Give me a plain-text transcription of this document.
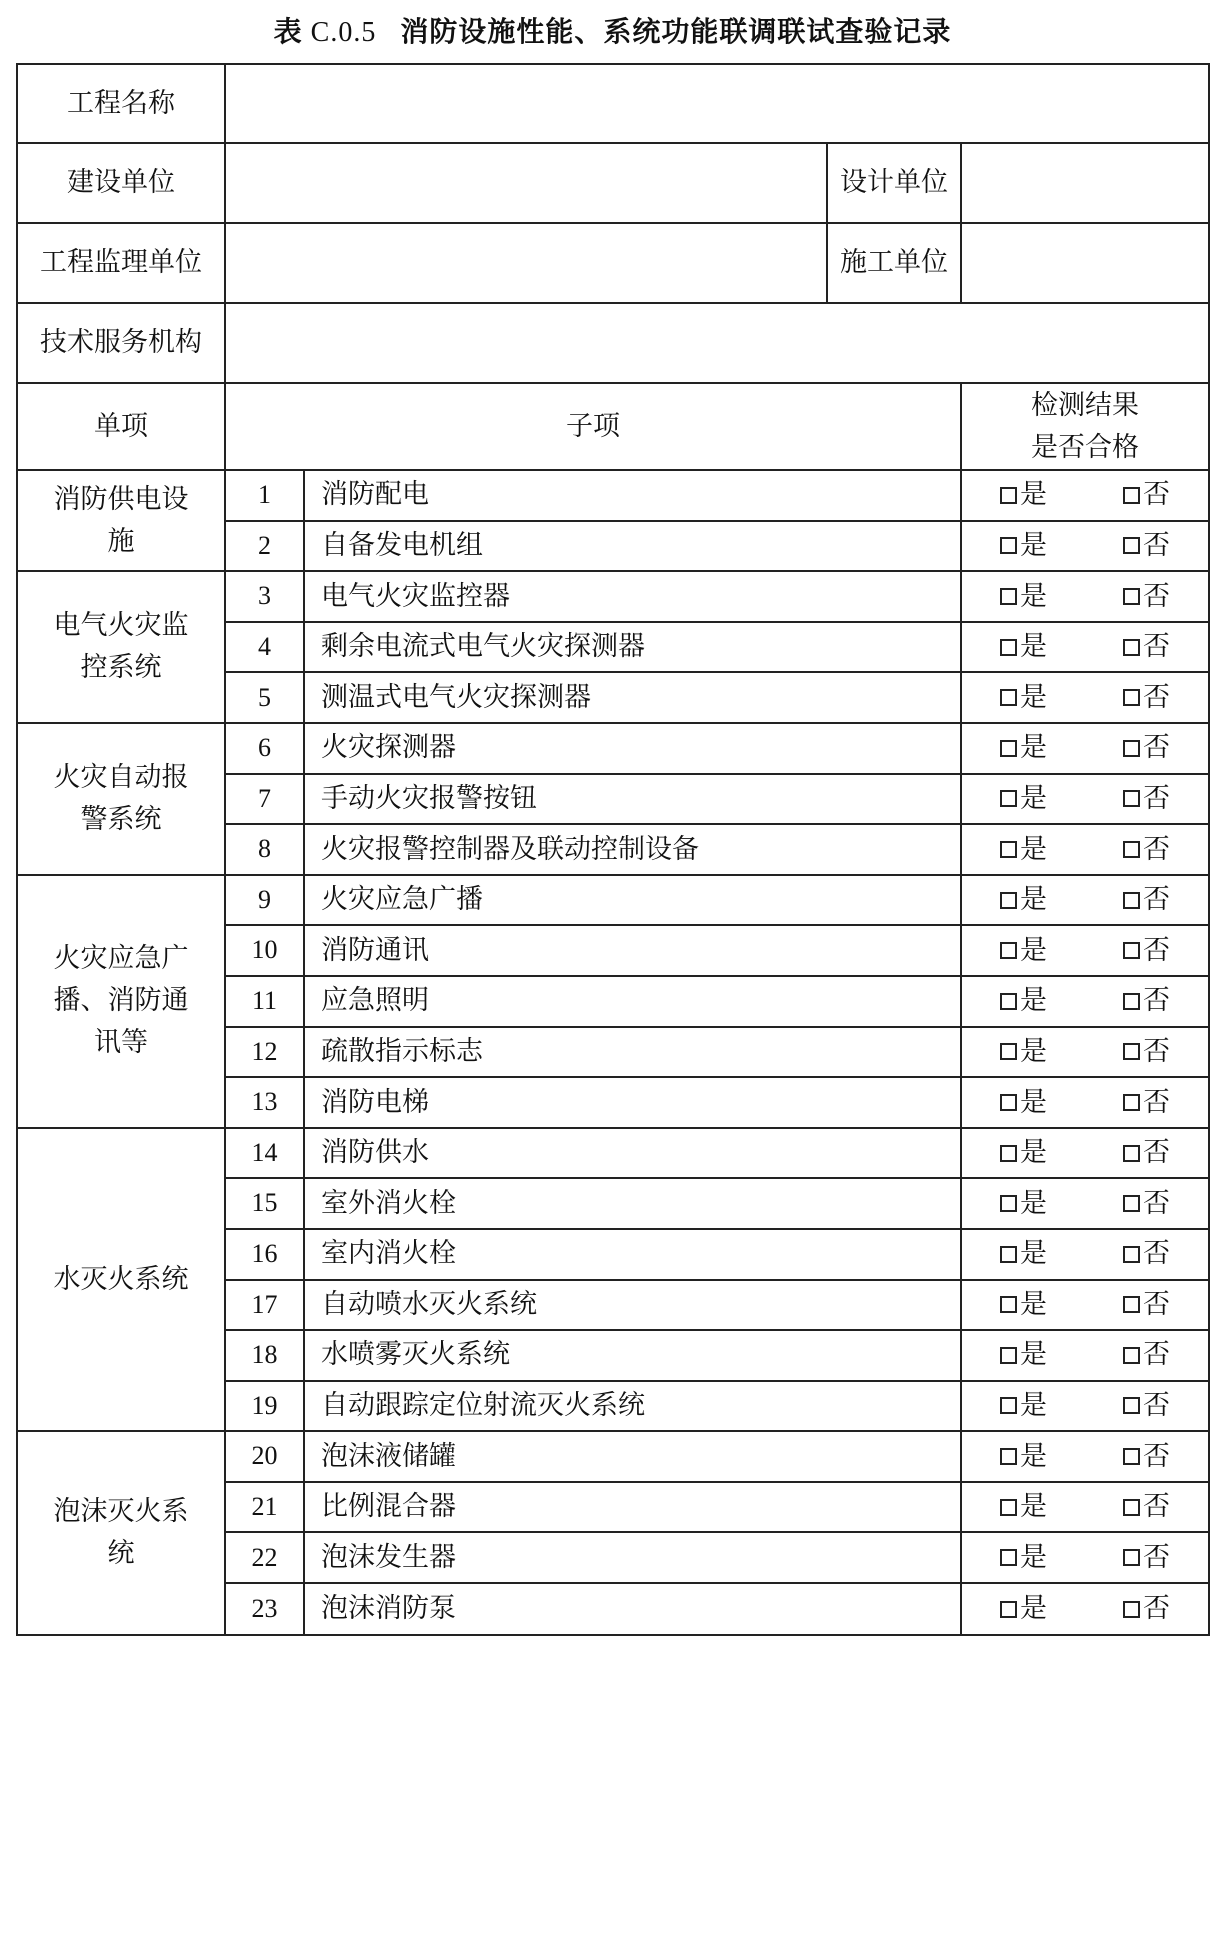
表 C.0.5 消防设施性能、系统功能联调联试查验记录
工程名称				
建设单位			设计单位	
工程监理单位			施工单位	
技术服务机构				
单项	子项			检测结果
是否合格

消防供电设施	1	消防配电		是 否

	2	自备发电机组		是 否

电气火灾监控系统	3	电气火灾监控器		是 否

	4	剩余电流式电气火灾探测器		是 否

	5	测温式电气火灾探测器		是 否

火灾自动报警系统	6	火灾探测器		是 否

	7	手动火灾报警按钮		是 否

	8	火灾报警控制器及联动控制设备		是 否

火灾应急广播、消防通讯等	9	火灾应急广播		是 否

	10	消防通讯		是 否

	11	应急照明		是 否

	12	疏散指示标志		是 否

	13	消防电梯		是 否

水灭火系统	14	消防供水		是 否

	15	室外消火栓		是 否

	16	室内消火栓		是 否

	17	自动喷水灭火系统		是 否

	18	水喷雾灭火系统		是 否

	19	自动跟踪定位射流灭火系统		是 否

泡沫灭火系统	20	泡沫液储罐		是 否

	21	比例混合器		是 否

	22	泡沫发生器		是 否

	23	泡沫消防泵		是 否
